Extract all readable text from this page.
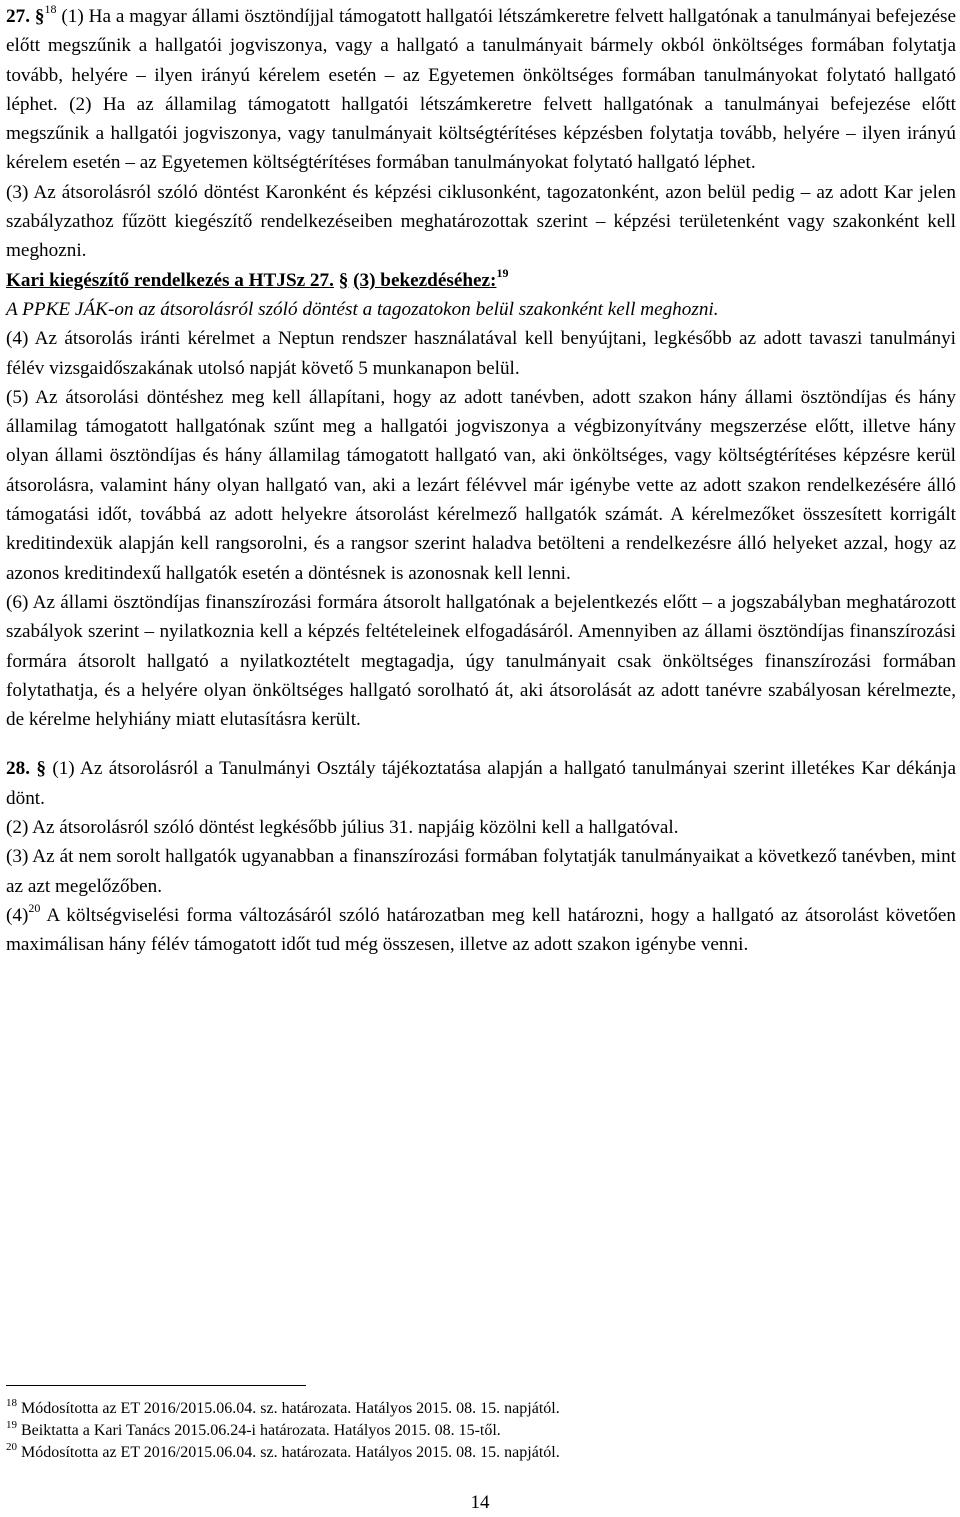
27. §$^{18}$ (1) Ha a magyar állami ösztöndíjjal támogatott hallgatói létszámkeretre felvett hallgatónak a tanulmányai befejezése előtt megszűnik a hallgatói jogviszonya, vagy a hallgató a tanulmányait bármely okból önköltséges formában folytatja tovább, helyére – ilyen irányú kérelem esetén – az Egyetemen önköltséges formában tanulmányokat folytató hallgató léphet. (2) Ha az államilag támogatott hallgatói létszámkeretre felvett hallgatónak a tanulmányai befejezése előtt megszűnik a hallgatói jogviszonya, vagy tanulmányait költségtérítéses képzésben folytatja tovább, helyére – ilyen irányú kérelem esetén – az Egyetemen költségtérítéses formában tanulmányokat folytató hallgató léphet.

(3) Az átsorolásról szóló döntést Karonként és képzési ciklusonként, tagozatonként, azon belül pedig – az adott Kar jelen szabályzathoz fűzött kiegészítő rendelkezéseiben meghatározottak szerint – képzési területenként vagy szakonként kell meghozni.

Kari kiegészítő rendelkezés a HTJSz 27. § (3) bekezdéséhez:$^{19}$

A PPKE JÁK-on az átsorolásról szóló döntést a tagozatokon belül szakonként kell meghozni.

(4) Az átsorolás iránti kérelmet a Neptun rendszer használatával kell benyújtani, legkésőbb az adott tavaszi tanulmányi félév vizsgaidőszakának utolsó napját követő 5 munkanapon belül.

(5) Az átsorolási döntéshez meg kell állapítani, hogy az adott tanévben, adott szakon hány állami ösztöndíjas és hány államilag támogatott hallgatónak szűnt meg a hallgatói jogviszonya a végbizonyítvány megszerzése előtt, illetve hány olyan állami ösztöndíjas és hány államilag támogatott hallgató van, aki önköltséges, vagy költségtérítéses képzésre kerül átsorolásra, valamint hány olyan hallgató van, aki a lezárt félévvel már igénybe vette az adott szakon rendelkezésére álló támogatási időt, továbbá az adott helyekre átsorolást kérelmező hallgatók számát. A kérelmezőket összesített korrigált kreditindexük alapján kell rangsorolni, és a rangsor szerint haladva betölteni a rendelkezésre álló helyeket azzal, hogy az azonos kreditindexű hallgatók esetén a döntésnek is azonosnak kell lenni.

(6) Az állami ösztöndíjas finanszírozási formára átsorolt hallgatónak a bejelentkezés előtt – a jogszabályban meghatározott szabályok szerint – nyilatkoznia kell a képzés feltételeinek elfogadásáról. Amennyiben az állami ösztöndíjas finanszírozási formára átsorolt hallgató a nyilatkoztételt megtagadja, úgy tanulmányait csak önköltséges finanszírozási formában folytathatja, és a helyére olyan önköltséges hallgató sorolható át, aki átsorolását az adott tanévre szabályosan kérelmezte, de kérelme helyhiány miatt elutasításra került.

28. § (1) Az átsorolásról a Tanulmányi Osztály tájékoztatása alapján a hallgató tanulmányai szerint illetékes Kar dékánja dönt.

(2) Az átsorolásról szóló döntést legkésőbb július 31. napjáig közölni kell a hallgatóval.

(3) Az át nem sorolt hallgatók ugyanabban a finanszírozási formában folytatják tanulmányaikat a következő tanévben, mint az azt megelőzőben.

$(4)^{20}$ A költségviselési forma változásáról szóló határozatban meg kell határozni, hogy a hallgató az átsorolást követően maximálisan hány félév támogatott időt tud még összesen, illetve az adott szakon igénybe venni.

$^{18}$ Módosította az ET 2016/2015.06.04. sz. határozata. Hatályos 2015. 08. 15. napjától.

$^{19}$ Beiktatta a Kari Tanács 2015.06.24-i határozata. Hatályos 2015. 08. 15-től.

$^{20}$ Módosította az ET 2016/2015.06.04. sz. határozata. Hatályos 2015. 08. 15. napjától.

14
